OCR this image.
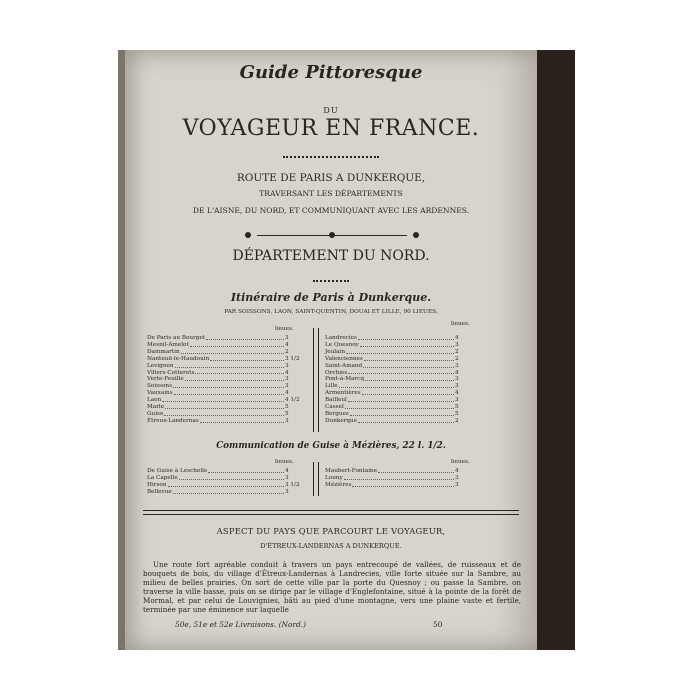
Guide Pittoresque
DU
VOYAGEUR EN FRANCE.
ROUTE DE PARIS A DUNKERQUE,
TRAVERSANT LES DÉPARTEMENTS
DE L'AISNE, DU NORD, ET COMMUNIQUANT AVEC LES ARDENNES.
DÉPARTEMENT DU NORD.
Itinéraire de Paris à Dunkerque.
PAR SOISSONS, LAON, SAINT-QUENTIN, DOUAI ET LILLE, 90 LIEUES.
lieues.
lieues.
De Paris au Bourget	3
Mesnil-Amelot	4
Dammartin	2
Nanteuil-le-Haudouin	3 1/2
Levignen	3
Villers-Cotterets	4
Verte-Feuille	3
Soissons	3
Vauxains	4
Laon	4 1/2
Marle	5
Guise	5
Étreux-Landernas	3
Landrecies	4
Le Quesnoy	3
Jeulain	2
Valenciennes	2
Saint-Amand	3
Orchies	4
Pont-à-Marcq	3
Lille	3
Armentières	4
Bailleul	3
Cassel	5
Bergues	5
Dunkerque	2
Communication de Guise à Mézières, 22 l. 1/2.
lieues.	lieues.
De Guise à Leschelle	4
La Capelle	3
Hirson	3 1/2
Bellevue	3
Maubert-Fontaine	4
Louny	3
Mézières	3
ASPECT DU PAYS QUE PARCOURT LE VOYAGEUR,
D'ÉTREUX-LANDERNAS A DUNKERQUE.

Une route fort agréable conduit à travers un pays entrecoupé de vallées, de ruisseaux et de bouquets de bois, du village d'Étreux-Landernas à Landrecies, ville forte située sur la Sambre, au milieu de belles prairies. On sort de cette ville par la porte du Quesnoy ; ou passe la Sambre, on traverse la ville basse, puis on se dirige par le village d'Englefontaine, situé à la pointe de la forêt de Mormal, et par celui de Louvignies, bâti au pied d'une montagne, vers une plaine vaste et fertile, terminée par une éminence sur laquelle

50e, 51e et 52e Livraisons. (Nord.)	50
